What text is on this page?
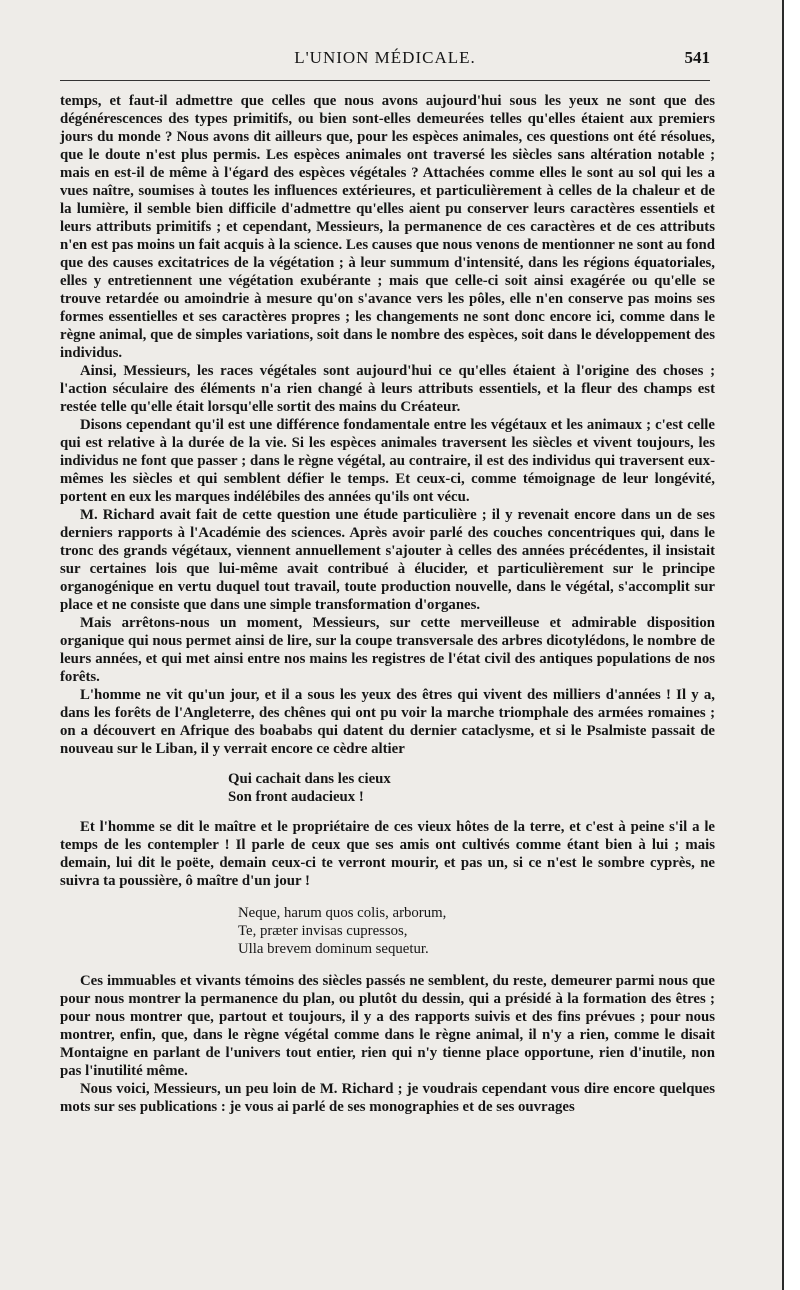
L'UNION MÉDICALE.	541

temps, et faut-il admettre que celles que nous avons aujourd'hui sous les yeux ne sont que des dégénérescences des types primitifs, ou bien sont-elles demeurées telles qu'elles étaient aux premiers jours du monde ? Nous avons dit ailleurs que, pour les espèces animales, ces questions ont été résolues, que le doute n'est plus permis. Les espèces animales ont traversé les siècles sans altération notable ; mais en est-il de même à l'égard des espèces végétales ? Attachées comme elles le sont au sol qui les a vues naître, soumises à toutes les influences extérieures, et particulièrement à celles de la chaleur et de la lumière, il semble bien difficile d'admettre qu'elles aient pu conserver leurs caractères essentiels et leurs attributs primitifs ; et cependant, Messieurs, la permanence de ces caractères et de ces attributs n'en est pas moins un fait acquis à la science. Les causes que nous venons de mentionner ne sont au fond que des causes excitatrices de la végétation ; à leur summum d'intensité, dans les régions équatoriales, elles y entretiennent une végétation exubérante ; mais que celle-ci soit ainsi exagérée ou qu'elle se trouve retardée ou amoindrie à mesure qu'on s'avance vers les pôles, elle n'en conserve pas moins ses formes essentielles et ses caractères propres ; les changements ne sont donc encore ici, comme dans le règne animal, que de simples variations, soit dans le nombre des espèces, soit dans le développement des individus.

Ainsi, Messieurs, les races végétales sont aujourd'hui ce qu'elles étaient à l'origine des choses ; l'action séculaire des éléments n'a rien changé à leurs attributs essentiels, et la fleur des champs est restée telle qu'elle était lorsqu'elle sortit des mains du Créateur.

Disons cependant qu'il est une différence fondamentale entre les végétaux et les animaux ; c'est celle qui est relative à la durée de la vie. Si les espèces animales traversent les siècles et vivent toujours, les individus ne font que passer ; dans le règne végétal, au contraire, il est des individus qui traversent eux-mêmes les siècles et qui semblent défier le temps. Et ceux-ci, comme témoignage de leur longévité, portent en eux les marques indélébiles des années qu'ils ont vécu.

M. Richard avait fait de cette question une étude particulière ; il y revenait encore dans un de ses derniers rapports à l'Académie des sciences. Après avoir parlé des couches concentriques qui, dans le tronc des grands végétaux, viennent annuellement s'ajouter à celles des années précédentes, il insistait sur certaines lois que lui-même avait contribué à élucider, et particulièrement sur le principe organogénique en vertu duquel tout travail, toute production nouvelle, dans le végétal, s'accomplit sur place et ne consiste que dans une simple transformation d'organes.

Mais arrêtons-nous un moment, Messieurs, sur cette merveilleuse et admirable disposition organique qui nous permet ainsi de lire, sur la coupe transversale des arbres dicotylédons, le nombre de leurs années, et qui met ainsi entre nos mains les registres de l'état civil des antiques populations de nos forêts.

L'homme ne vit qu'un jour, et il a sous les yeux des êtres qui vivent des milliers d'années ! Il y a, dans les forêts de l'Angleterre, des chênes qui ont pu voir la marche triomphale des armées romaines ; on a découvert en Afrique des boababs qui datent du dernier cataclysme, et si le Psalmiste passait de nouveau sur le Liban, il y verrait encore ce cèdre altier

Qui cachait dans les cieux
Son front audacieux !

Et l'homme se dit le maître et le propriétaire de ces vieux hôtes de la terre, et c'est à peine s'il a le temps de les contempler ! Il parle de ceux que ses amis ont cultivés comme étant bien à lui ; mais demain, lui dit le poëte, demain ceux-ci te verront mourir, et pas un, si ce n'est le sombre cyprès, ne suivra ta poussière, ô maître d'un jour !

Neque, harum quos colis, arborum,
Te, præter invisas cupressos,
Ulla brevem dominum sequetur.

Ces immuables et vivants témoins des siècles passés ne semblent, du reste, demeurer parmi nous que pour nous montrer la permanence du plan, ou plutôt du dessin, qui a présidé à la formation des êtres ; pour nous montrer que, partout et toujours, il y a des rapports suivis et des fins prévues ; pour nous montrer, enfin, que, dans le règne végétal comme dans le règne animal, il n'y a rien, comme le disait Montaigne en parlant de l'univers tout entier, rien qui n'y tienne place opportune, rien d'inutile, non pas l'inutilité même.

Nous voici, Messieurs, un peu loin de M. Richard ; je voudrais cependant vous dire encore quelques mots sur ses publications : je vous ai parlé de ses monographies et de ses ouvrages
